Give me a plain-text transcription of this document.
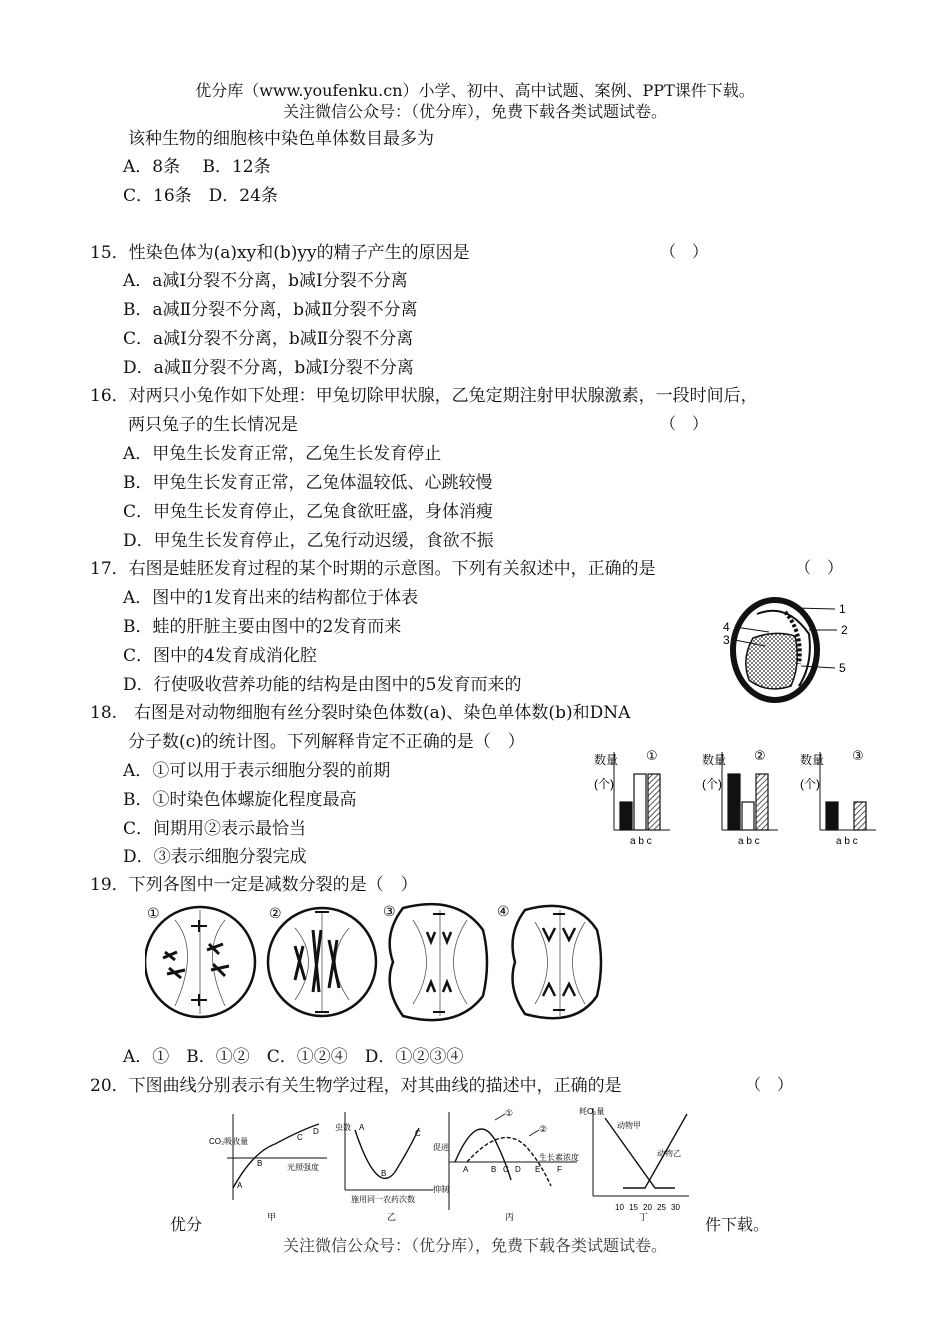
优分库（www.youfenku.cn）小学、初中、高中试题、案例、PPT课件下载。
关注微信公众号：（优分库），免费下载各类试题试卷。
该种生物的细胞核中染色单体数目最多为
A．8条　 B．12条
C．16条　D．24条
15．性染色体为(a)xy和(b)yy的精子产生的原因是	（　）
A．a减Ⅰ分裂不分离，b减Ⅰ分裂不分离
B．a减Ⅱ分裂不分离，b减Ⅱ分裂不分离
C．a减Ⅰ分裂不分离，b减Ⅱ分裂不分离
D．a减Ⅱ分裂不分离，b减Ⅰ分裂不分离
16．对两只小兔作如下处理：甲兔切除甲状腺，乙兔定期注射甲状腺激素，一段时间后，
两只兔子的生长情况是	（　）
A．甲兔生长发育正常，乙兔生长发育停止
B．甲兔生长发育正常，乙兔体温较低、心跳较慢
C．甲兔生长发育停止，乙兔食欲旺盛，身体消瘦
D．甲兔生长发育停止，乙兔行动迟缓，食欲不振
17．右图是蛙胚发育过程的某个时期的示意图。下列有关叙述中，正确的是	（　）
A．图中的1发育出来的结构都位于体表
B．蛙的肝脏主要由图中的2发育而来
C．图中的4发育成消化腔
D．行使吸收营养功能的结构是由图中的5发育而来的
1
2
3
4
5
18.　右图是对动物细胞有丝分裂时染色体数(a)、染色单体数(b)和DNA
分子数(c)的统计图。下列解释肯定不正确的是（　）
A．①可以用于表示细胞分裂的前期
B．①时染色体螺旋化程度最高
C．间期用②表示最恰当
D．③表示细胞分裂完成
数量
(个)
①
a b c
数量
(个)
②
a b c
数量
(个)
③
a b c
19．下列各图中一定是减数分裂的是（　）
①	②	③	④
A．①　B．①②　C．①②④　D．①②③④
20．下图曲线分别表示有关生物学过程，对其曲线的描述中，正确的是	（　）
CO₂吸收量
光照强度
A
B
C
D
甲
虫数
施用同一农药次数
A
B
C
乙
促进
抑制
生长素浓度
①
②
A	B C D E F
丙
耗O₂量
动物甲
动物乙
10 15 20 25 30
丁
优分	件下载。
关注微信公众号：（优分库），免费下载各类试题试卷。
